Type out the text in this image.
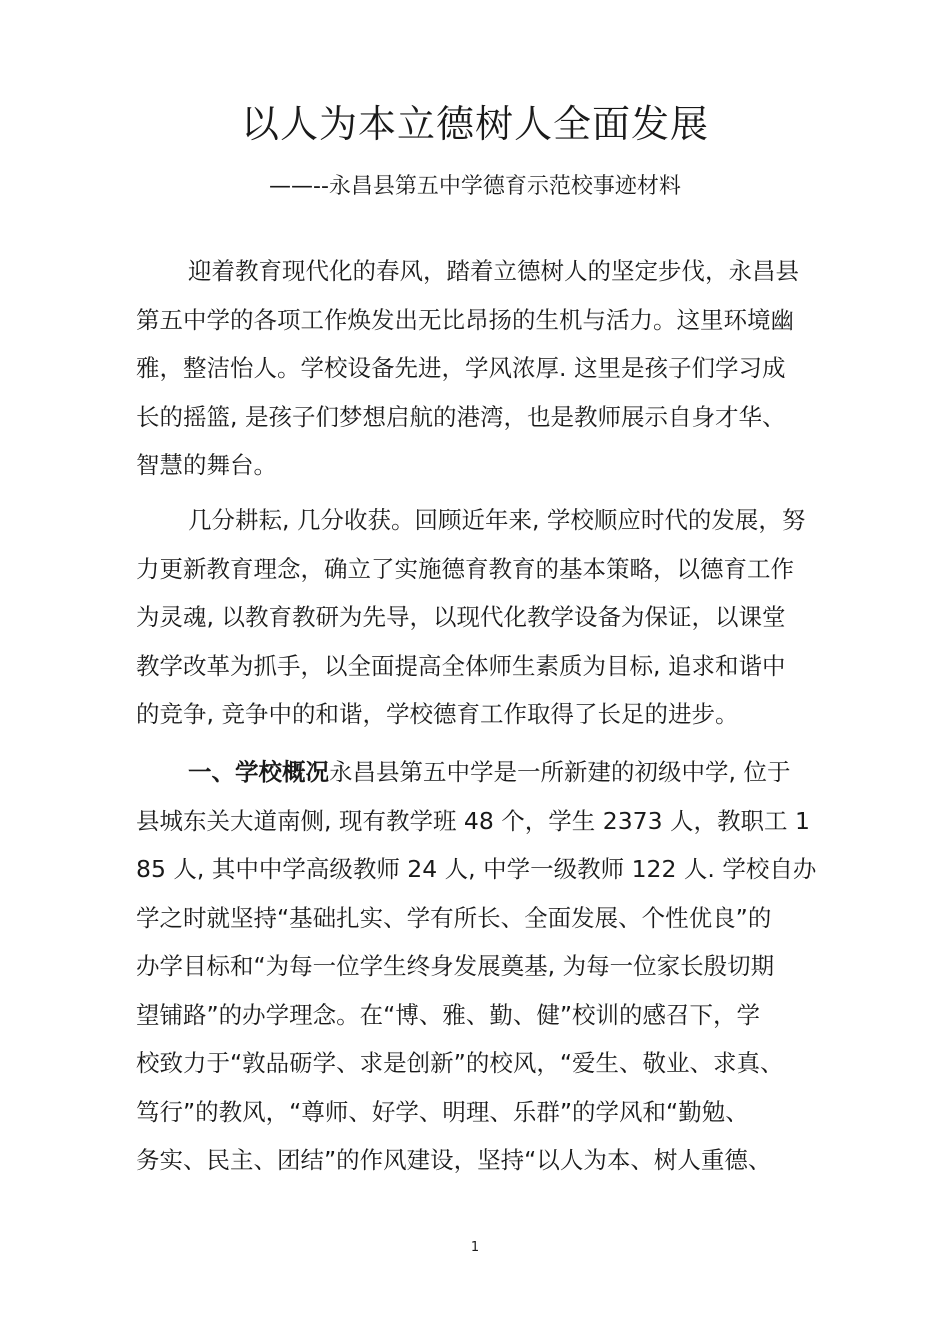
以人为本立德树人全面发展

——--永昌县第五中学德育示范校事迹材料

迎着教育现代化的春风，踏着立德树人的坚定步伐，永昌县
第五中学的各项工作焕发出无比昂扬的生机与活力。这里环境幽
雅，整洁怡人。学校设备先进，学风浓厚. 这里是孩子们学习成
长的摇篮, 是孩子们梦想启航的港湾，也是教师展示自身才华、
智慧的舞台。
几分耕耘, 几分收获。回顾近年来, 学校顺应时代的发展，努
力更新教育理念，确立了实施德育教育的基本策略，以德育工作
为灵魂, 以教育教研为先导，以现代化教学设备为保证，以课堂
教学改革为抓手，以全面提高全体师生素质为目标, 追求和谐中
的竞争, 竞争中的和谐，学校德育工作取得了长足的进步。
一、学校概况永昌县第五中学是一所新建的初级中学, 位于
县城东关大道南侧, 现有教学班 48 个，学生 2373 人，教职工 1
85 人, 其中中学高级教师 24 人, 中学一级教师 122 人. 学校自办
学之时就坚持“基础扎实、学有所长、全面发展、个性优良”的
办学目标和“为每一位学生终身发展奠基, 为每一位家长殷切期
望铺路”的办学理念。在“博、雅、勤、健”校训的感召下，学
校致力于“敦品砺学、求是创新”的校风，“爱生、敬业、求真、
笃行”的教风，“尊师、好学、明理、乐群”的学风和“勤勉、
务实、民主、团结”的作风建设，坚持“以人为本、树人重德、
1
